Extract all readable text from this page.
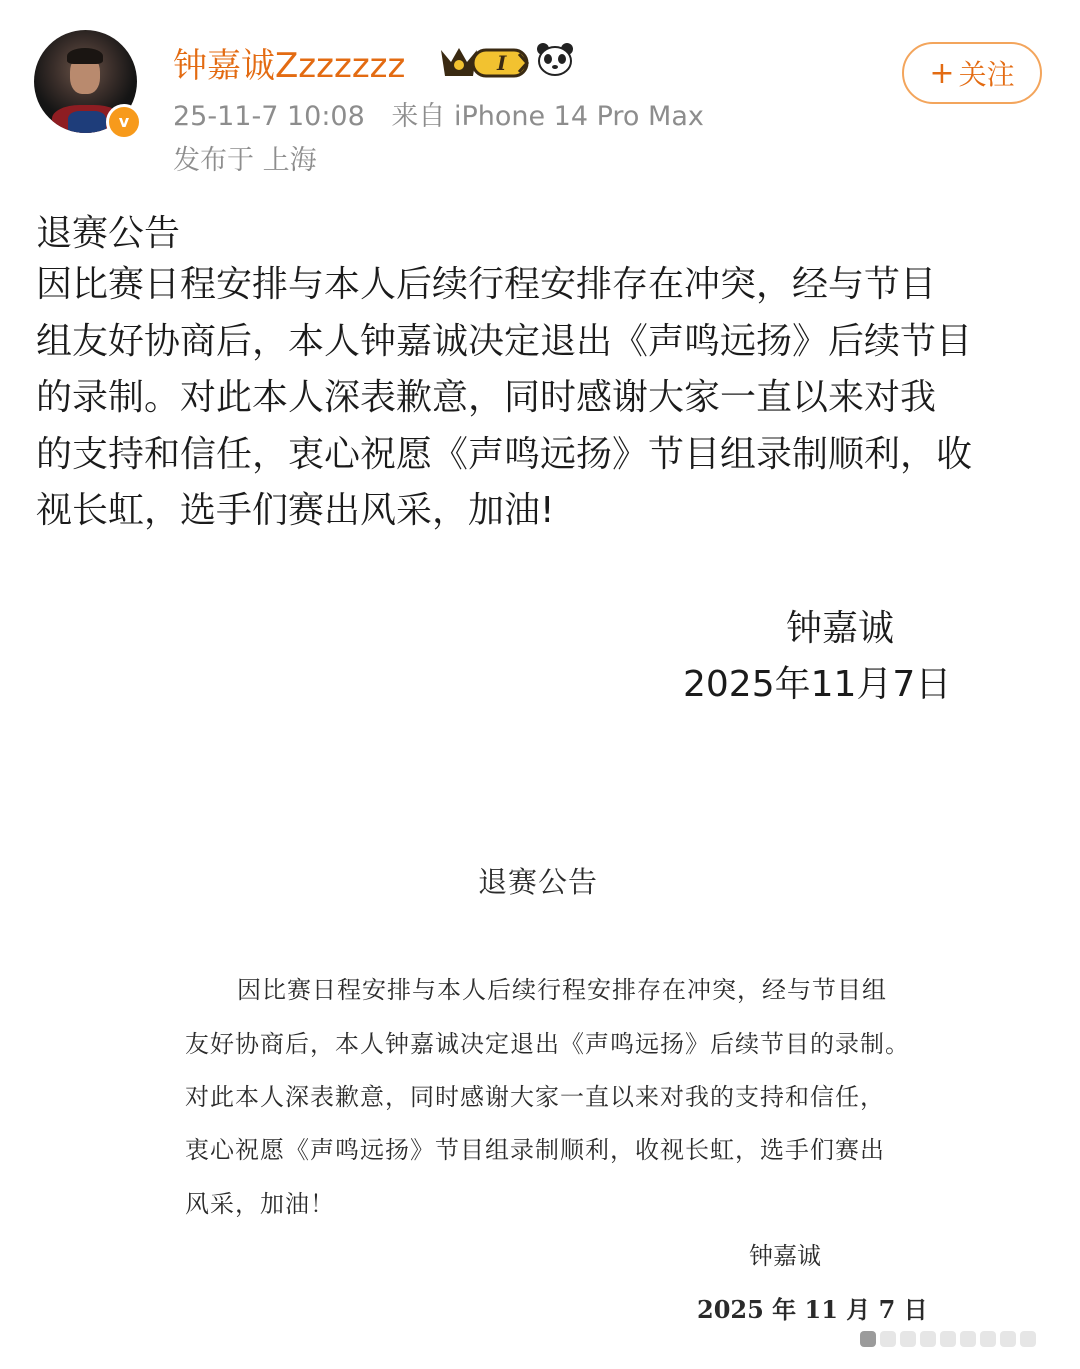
v
钟嘉诚Zzzzzzz	I
25-11-7 10:08 来自 iPhone 14 Pro Max
发布于 上海
+ 关注
退赛公告
因比赛日程安排与本人后续行程安排存在冲突，经与节目
组友好协商后，本人钟嘉诚决定退出《声鸣远扬》后续节目
的录制。对此本人深表歉意，同时感谢大家一直以来对我
的支持和信任，衷心祝愿《声鸣远扬》节目组录制顺利，收
视长虹，选手们赛出风采，加油!
钟嘉诚
2025年11月7日
退赛公告
因比赛日程安排与本人后续行程安排存在冲突，经与节目组
友好协商后，本人钟嘉诚决定退出《声鸣远扬》后续节目的录制。
对此本人深表歉意，同时感谢大家一直以来对我的支持和信任，
衷心祝愿《声鸣远扬》节目组录制顺利，收视长虹，选手们赛出
风采，加油！
钟嘉诚
2025 年 11 月 7 日
